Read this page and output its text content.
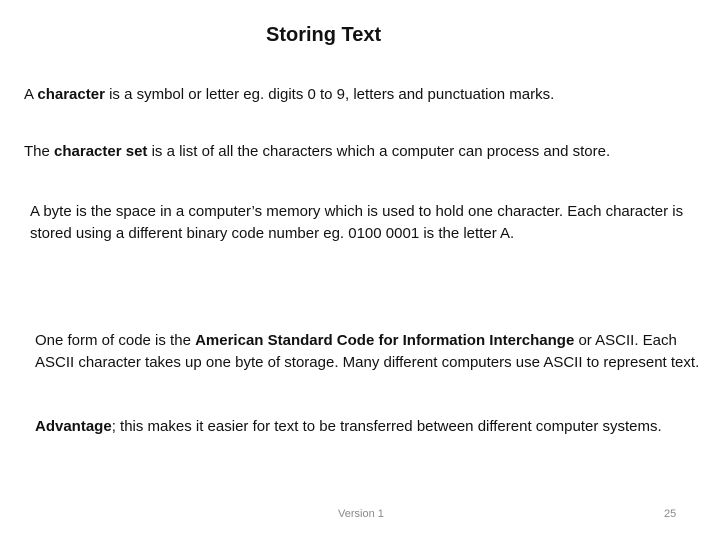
Storing Text

A character is a symbol or letter eg. digits 0 to 9, letters and punctuation marks.

The character set is a list of all the characters which a computer can process and store.

A byte is the space in a computer’s memory which is used to hold one character. Each character is stored using a different binary code number eg. 0100 0001 is the letter A.

One form of code is the American Standard Code for Information Interchange or ASCII. Each ASCII character takes up one byte of storage. Many different computers use ASCII to represent text.

Advantage; this makes it easier for text to be transferred between different computer systems.

Version 1	25
